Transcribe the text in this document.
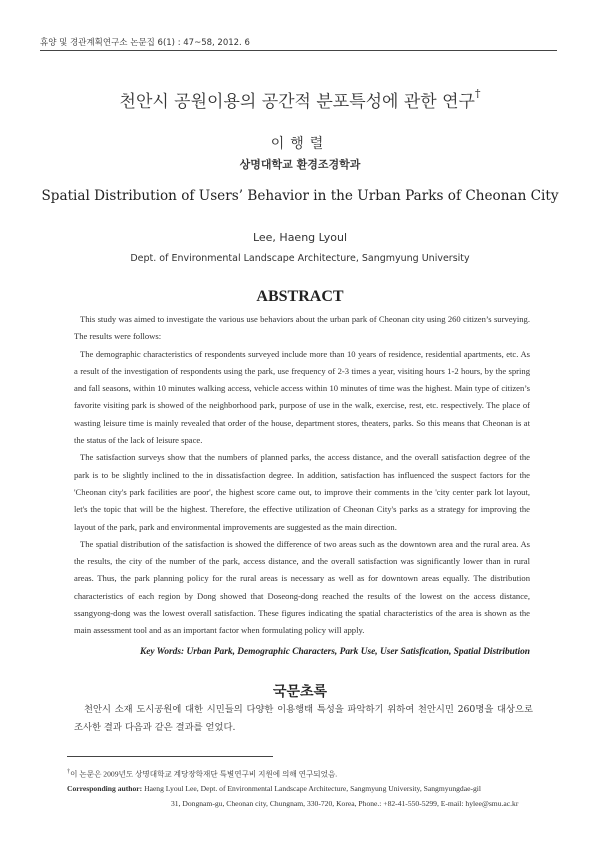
휴양 및 경관계획연구소 논문집 6(1) : 47~58, 2012. 6
천안시 공원이용의 공간적 분포특성에 관한 연구†
이행렬
상명대학교 환경조경학과
Spatial Distribution of Users’ Behavior in the Urban Parks of Cheonan City
Lee, Haeng Lyoul
Dept. of Environmental Landscape Architecture, Sangmyung University
ABSTRACT

This study was aimed to investigate the various use behaviors about the urban park of Cheonan city using 260 citizen’s surveying. The results were follows:

The demographic characteristics of respondents surveyed include more than 10 years of residence, residential apartments, etc. As a result of the investigation of respondents using the park, use frequency of 2-3 times a year, visiting hours 1-2 hours, by the spring and fall seasons, within 10 minutes walking access, vehicle access within 10 minutes of time was the highest. Main type of citizen’s favorite visiting park is showed of the neighborhood park, purpose of use in the walk, exercise, rest, etc. respectively. The place of wasting leisure time is mainly revealed that order of the house, department stores, theaters, parks. So this means that Cheonan is at the status of the lack of leisure space.

The satisfaction surveys show that the numbers of planned parks, the access distance, and the overall satisfaction degree of the park is to be slightly inclined to the in dissatisfaction degree. In addition, satisfaction has influenced the suspect factors for the 'Cheonan city's park facilities are poor', the highest score came out, to improve their comments in the 'city center park lot layout, let's the topic that will be the highest. Therefore, the effective utilization of Cheonan City's parks as a strategy for improving the layout of the park, park and environmental improvements are suggested as the main direction.

The spatial distribution of the satisfaction is showed the difference of two areas such as the downtown area and the rural area. As the results, the city of the number of the park, access distance, and the overall satisfaction was significantly lower than in rural areas. Thus, the park planning policy for the rural areas is necessary as well as for downtown areas equally. The distribution characteristics of each region by Dong showed that Doseong-dong reached the results of the lowest on the access distance, ssangyong-dong was the lowest overall satisfaction. These figures indicating the spatial characteristics of the area is shown as the main assessment tool and as an important factor when formulating policy will apply.

Key Words: Urban Park, Demographic Characters, Park Use, User Satisfication, Spatial Distribution
국문초록

천안시 소재 도시공원에 대한 시민들의 다양한 이용행태 특성을 파악하기 위하여 천안시민 260명을 대상으로 조사한 결과 다음과 같은 결과를 얻었다.

†이 논문은 2009년도 상명대학교 계당장학재단 특별연구비 지원에 의해 연구되었음.
Corresponding author: Haeng Lyoul Lee, Dept. of Environmental Landscape Architecture, Sangmyung University, Sangmyungdae-gil
31, Dongnam-gu, Cheonan city, Chungnam, 330-720, Korea, Phone.: +82-41-550-5299, E-mail: hylee@smu.ac.kr
